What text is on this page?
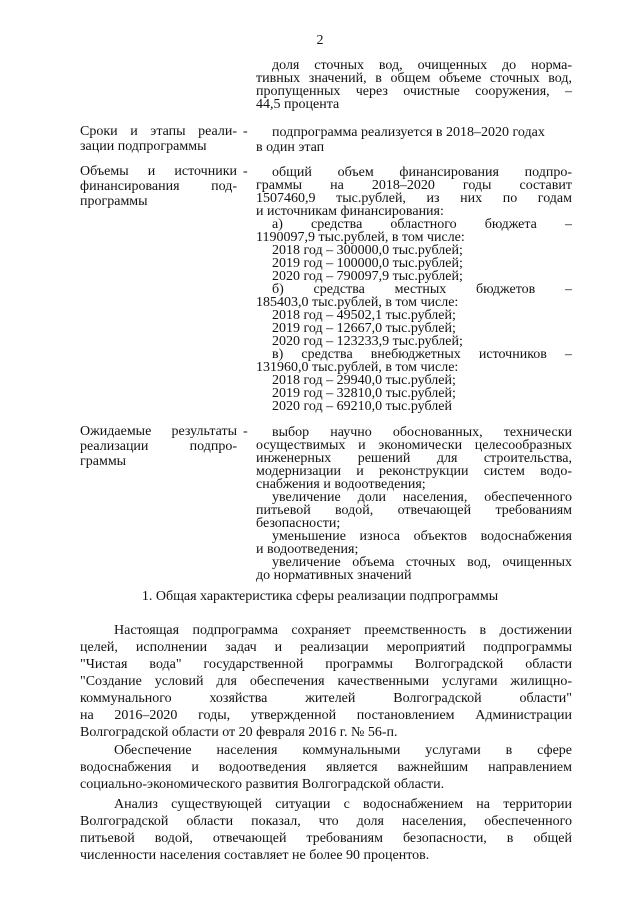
2
доля сточных вод, очищенных до норма-
тивных значений, в общем объеме сточных вод,
пропущенных через очистные сооружения, –
44,5 процента
Сроки и этапы реали-
зации подпрограммы
- подпрограмма реализуется в 2018–2020 годах
в один этап
Объемы и источники
финансирования под-
программы
- общий объем финансирования подпро-
граммы на 2018–2020 годы составит
1507460,9 тыс.рублей, из них по годам
и источникам финансирования:
а) средства областного бюджета –
1190097,9 тыс.рублей, в том числе:
2018 год – 300000,0 тыс.рублей;
2019 год – 100000,0 тыс.рублей;
2020 год – 790097,9 тыс.рублей;
б) средства местных бюджетов –
185403,0 тыс.рублей, в том числе:
2018 год – 49502,1 тыс.рублей;
2019 год – 12667,0 тыс.рублей;
2020 год – 123233,9 тыс.рублей;
в) средства внебюджетных источников –
131960,0 тыс.рублей, в том числе:
2018 год – 29940,0 тыс.рублей;
2019 год – 32810,0 тыс.рублей;
2020 год – 69210,0 тыс.рублей
Ожидаемые результаты
реализации подпро-
граммы
- выбор научно обоснованных, технически
осуществимых и экономически целесообразных
инженерных решений для строительства,
модернизации и реконструкции систем водо-
снабжения и водоотведения;
увеличение доли населения, обеспеченного
питьевой водой, отвечающей требованиям
безопасности;
уменьшение износа объектов водоснабжения
и водоотведения;
увеличение объема сточных вод, очищенных
до нормативных значений
1. Общая характеристика сферы реализации подпрограммы
Настоящая подпрограмма сохраняет преемственность в достижении
целей, исполнении задач и реализации мероприятий подпрограммы
"Чистая вода" государственной программы Волгоградской области
"Создание условий для обеспечения качественными услугами жилищно-
коммунального хозяйства жителей Волгоградской области"
на 2016–2020 годы, утвержденной постановлением Администрации
Волгоградской области от 20 февраля 2016 г. № 56-п.
Обеспечение населения коммунальными услугами в сфере
водоснабжения и водоотведения является важнейшим направлением
социально-экономического развития Волгоградской области.
Анализ существующей ситуации с водоснабжением на территории
Волгоградской области показал, что доля населения, обеспеченного
питьевой водой, отвечающей требованиям безопасности, в общей
численности населения составляет не более 90 процентов.
